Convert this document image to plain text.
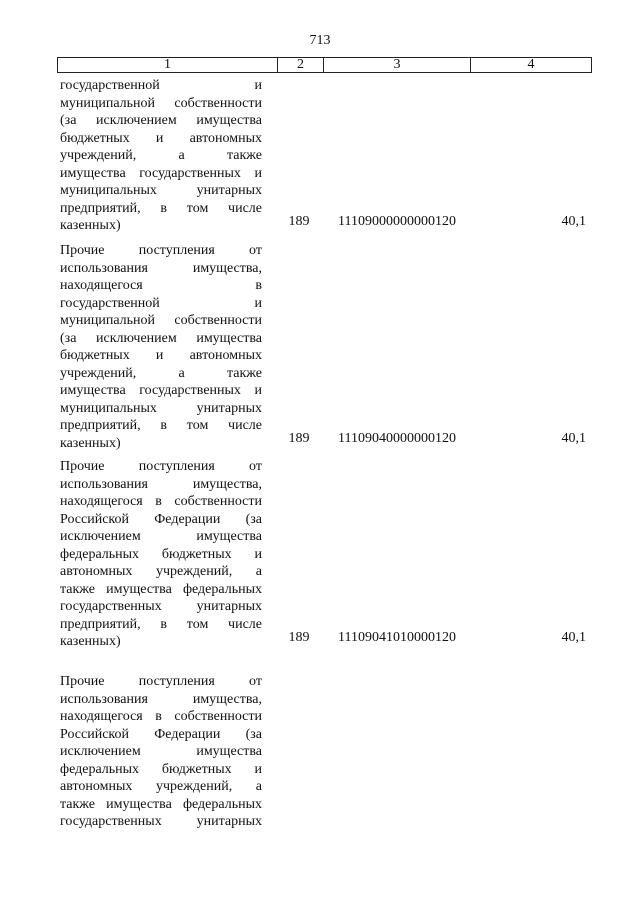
713
1	2	3	4
государственной и
муниципальной собственности
(за исключением имущества
бюджетных и автономных
учреждений, а также
имущества государственных и
муниципальных унитарных
предприятий, в том числе
казенных)	189	11109000000000120	40,1
Прочие поступления от
использования имущества,
находящегося в
государственной и
муниципальной собственности
(за исключением имущества
бюджетных и автономных
учреждений, а также
имущества государственных и
муниципальных унитарных
предприятий, в том числе
казенных)	189	11109040000000120	40,1
Прочие поступления от
использования имущества,
находящегося в собственности
Российской Федерации (за
исключением имущества
федеральных бюджетных и
автономных учреждений, а
также имущества федеральных
государственных унитарных
предприятий, в том числе
казенных)	189	11109041010000120	40,1
Прочие поступления от
использования имущества,
находящегося в собственности
Российской Федерации (за
исключением имущества
федеральных бюджетных и
автономных учреждений, а
также имущества федеральных
государственных унитарных
